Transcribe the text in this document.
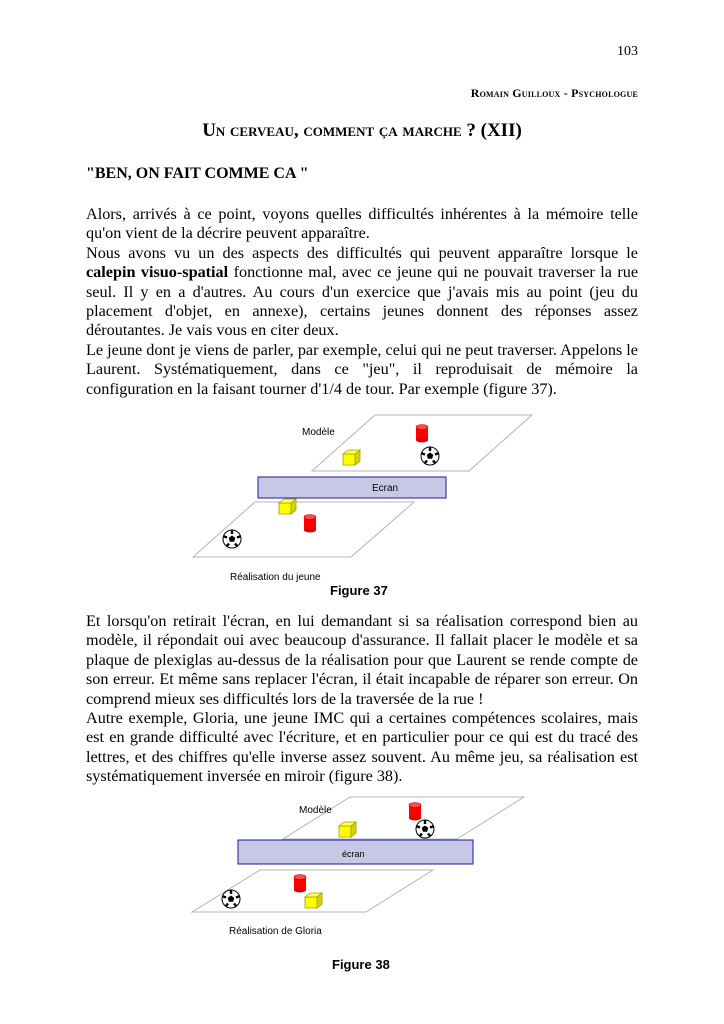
103
Romain Guilloux - Psychologue
Un cerveau, comment ça marche ? (XII)
"BEN, ON FAIT COMME CA "

Alors, arrivés à ce point, voyons quelles difficultés inhérentes à la mémoire telle qu'on vient de la décrire peuvent apparaître.

Nous avons vu un des aspects des difficultés qui peuvent apparaître lorsque le calepin visuo-spatial fonctionne mal, avec ce jeune qui ne pouvait traverser la rue seul. Il y en a d'autres. Au cours d'un exercice que j'avais mis au point (jeu du placement d'objet, en annexe), certains jeunes donnent des réponses assez déroutantes. Je vais vous en citer deux.

Le jeune dont je viens de parler, par exemple, celui qui ne peut traverser. Appelons le Laurent. Systématiquement, dans ce "jeu", il reproduisait de mémoire la configuration en la faisant tourner d'1/4 de tour. Par exemple (figure 37).

Modèle
Ecran
Réalisation du jeune
Modèle
écran
Réalisation de Gloria
Figure 37

Et lorsqu'on retirait l'écran, en lui demandant si sa réalisation correspond bien au modèle, il répondait oui avec beaucoup d'assurance. Il fallait placer le modèle et sa plaque de plexiglas au-dessus de la réalisation pour que Laurent se rende compte de son erreur. Et même sans replacer l'écran, il était incapable de réparer son erreur. On comprend mieux ses difficultés lors de la traversée de la rue !

Autre exemple, Gloria, une jeune IMC qui a certaines compétences scolaires, mais est en grande difficulté avec l'écriture, et en particulier pour ce qui est du tracé des lettres, et des chiffres qu'elle inverse assez souvent. Au même jeu, sa réalisation est systématiquement inversée en miroir (figure 38).

Figure 38
